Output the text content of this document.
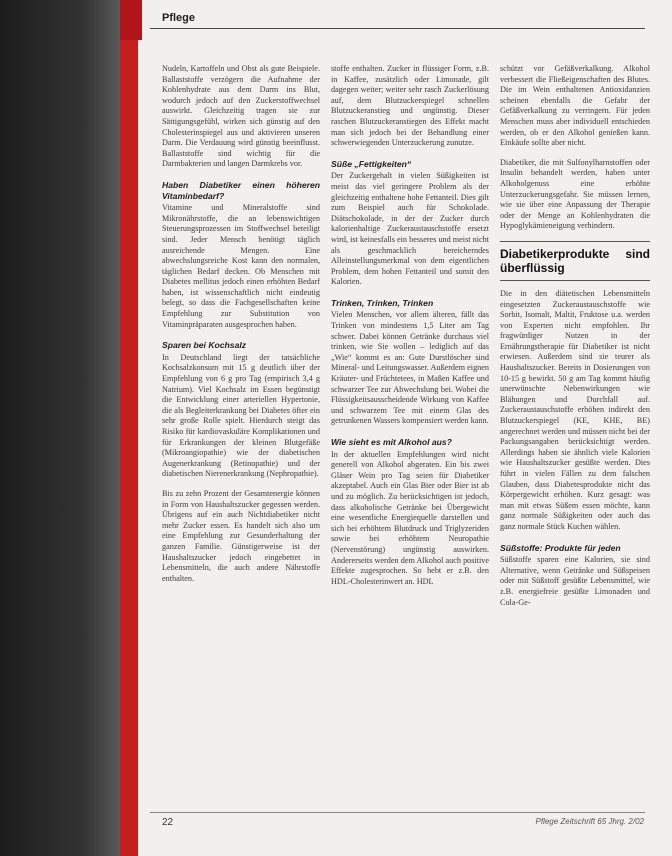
Pflege

Nudeln, Kartoffeln und Obst als gute Beispiele. Ballaststoffe verzögern die Aufnahme der Kohlenhydrate aus dem Darm ins Blut, wodurch jedoch auf den Zuckerstoffwechsel auswirkt. Gleichzeitig tragen sie zur Sättigungsgefühl, wirken sich günstig auf den Cholesterinspiegel aus und aktivieren unseren Darm. Die Verdauung wird günstig beeinflusst. Ballaststoffe sind wichtig für die Darmbakterien und langen Darmkrebs vor.

Haben Diabetiker einen höheren Vitaminbedarf?

Vitamine und Mineralstoffe sind Mikronährstoffe, die an lebenswichtigen Steuerungsprozessen im Stoffwechsel beteiligt sind. Jeder Mensch benötigt täglich ausreichende Mengen. Eine abwechslungsreiche Kost kann den normalen, täglichen Bedarf decken. Ob Menschen mit Diabetes mellitus jedoch einen erhöhten Bedarf haben, ist wissenschaftlich nicht eindeutig belegt, so dass die Fachgesellschaften keine Empfehlung zur Substitution von Vitaminpräparaten ausgesprochen haben.

Sparen bei Kochsalz

In Deutschland liegt der tatsächliche Kochsalzkonsum mit 15 g deutlich über der Empfehlung von 6 g pro Tag (empirisch 3,4 g Natrium). Viel Kochsalz im Essen begünstigt die Entwicklung einer arteriellen Hypertonie, die als Begleiterkrankung bei Diabetes öfter ein sehr große Rolle spielt. Hierdurch steigt das Risiko für kardiovaskuläre Komplikationen und für Erkrankungen der kleinen Blutgefäße (Mikroangiopathie) wie der diabetischen Augenerkrankung (Retinopathie) und der diabetischen Nierenerkrankung (Nephropathie).

Bis zu zehn Prozent der Gesamtenergie können in Form von Haushaltszucker gegessen werden. Übrigens auf ein auch Nichtdiabetiker nicht mehr Zucker essen. Es handelt sich also um eine Empfehlung zur Gesunderhaltung der ganzen Familie. Günstigerweise ist der Haushaltszucker jedoch eingebettet in Lebensmitteln, die auch andere Nährstoffe enthalten.

stoffe enthalten. Zucker in flüssiger Form, z.B. in Kaffee, zusätzlich oder Limonade, gilt dagegen weiter; weiter sehr rasch Zuckerlösung auf, dem Blutzuckerspiegel schnellen Blutzuckeranstieg und ungünstig. Dieser raschen Blutzuckeranstiegen des Effekt macht man sich jedoch bei der Behandlung einer schwerwiegenden Unterzuckerung zunutze.

Süße „Fettigkeiten“

Der Zuckergehalt in vielen Süßigkeiten ist meist das viel geringere Problem als der gleichzeitig enthaltene hohe Fettanteil. Dies gilt zum Beispiel auch für Schokolade. Diätschokolade, in der der Zucker durch kalorienhaltige Zuckeraustauschstoffe ersetzt wird, ist keinesfalls ein besseres und meist nicht als geschmacklich bereicherndes Alleinstellungsmerkmal von dem eigentlichen Problem, dem hohen Fettanteil und somit den Kalorien.

Trinken, Trinken, Trinken

Vielen Menschen, vor allem älteren, fällt das Trinken von mindestens 1,5 Liter am Tag schwer. Dabei können Getränke durchaus viel trinken, wie Sie wollen – lediglich auf das „Wie“ kommt es an: Gute Durstlöscher sind Mineral- und Leitungswasser. Außerdem eignen Kräuter- und Früchtetees, in Maßen Kaffee und schwarzer Tee zur Abwechslung bei. Wobei die Flüssigkeitsausscheidende Wirkung von Kaffee und schwarzem Tee mit einem Glas des getrunkenen Wassers kompensiert werden kann.

Wie sieht es mit Alkohol aus?

In der aktuellen Empfehlungen wird nicht generell von Alkohol abgeraten. Ein bis zwei Gläser Wein pro Tag seien für Diabetiker akzeptabel. Auch ein Glas Bier oder Bier ist ab und zu möglich. Zu berücksichtigen ist jedoch, dass alkoholische Getränke bei Übergewicht eine wesentliche Energiequelle darstellen und sich bei erhöhtem Blutdruck und Triglyzeriden sowie bei erhöhtem Neuropathie (Nervenstörung) ungünstig auswirken. Andererseits werden dem Alkohol auch positive Effekte zugesprochen. So hebt er z.B. den HDL-Cholesterinwert an. HDL

schützt vor Gefäßverkalkung. Alkohol verbessert die Fließeigenschaften des Blutes. Die im Wein enthaltenen Antioxidanzien scheinen ebenfalls die Gefahr der Gefäßverkalkung zu verringern. Für jeden Menschen muss aber individuell entschieden werden, ob er den Alkohol genießen kann. Einkäufe sollte aber nicht.

Diabetiker, die mit Sulfonylharnstoffen oder Insulin behandelt werden, haben unter Alkoholgenuss eine erhöhte Unterzuckerungsgefahr. Sie müssen lernen, wie sie über eine Anpassung der Therapie oder der Menge an Kohlenhydraten die Hypoglykämieneigung verhindern.

Diabetikerprodukte sind überflüssig

Die in den diätetischen Lebensmitteln eingesetzten Zuckeraustauschstoffe wie Sorbit, Isomalt, Maltit, Fruktose u.a. werden von Experten nicht empfohlen. Ihr fragwürdiger Nutzen in der Ernährungstherapie für Diabetiker ist nicht erwiesen. Außerdem sind sie teurer als Haushaltszucker. Bereits in Dosierungen von 10-15 g bewirkt. 50 g am Tag kommt häufig unerwünschte Nebenwirkungen wie Blähungen und Durchfall auf. Zuckeraustauschstoffe erhöhen indirekt den Blutzuckerspiegel (KE, KHE, BE) angerechnet werden und müssen nicht bei der Packungsangaben berücksichtigt werden. Allerdings haben sie ähnlich viele Kalorien wie Haushaltszucker gesüßte werden. Dies führt in vielen Fällen zu dem falschen Glauben, dass Diabetesprodukte nicht das Körpergewicht erhöhen. Kurz gesagt: was man mit etwas Süßem essen möchte, kann ganz normale Süßigkeiten oder auch das ganz normale Stück Kuchen wählen.

Süßstoffe: Produkte für jeden

Süßstoffe sparen eine Kalorien, sie sind Alternative, wenn Getränke und Süßspeisen oder mit Süßstoff gesüßte Lebensmittel, wie z.B. energiefreie gesüßte Limonaden und Cola-Ge-

22	Pflege Zeitschrift 65 Jhrg. 2/02
